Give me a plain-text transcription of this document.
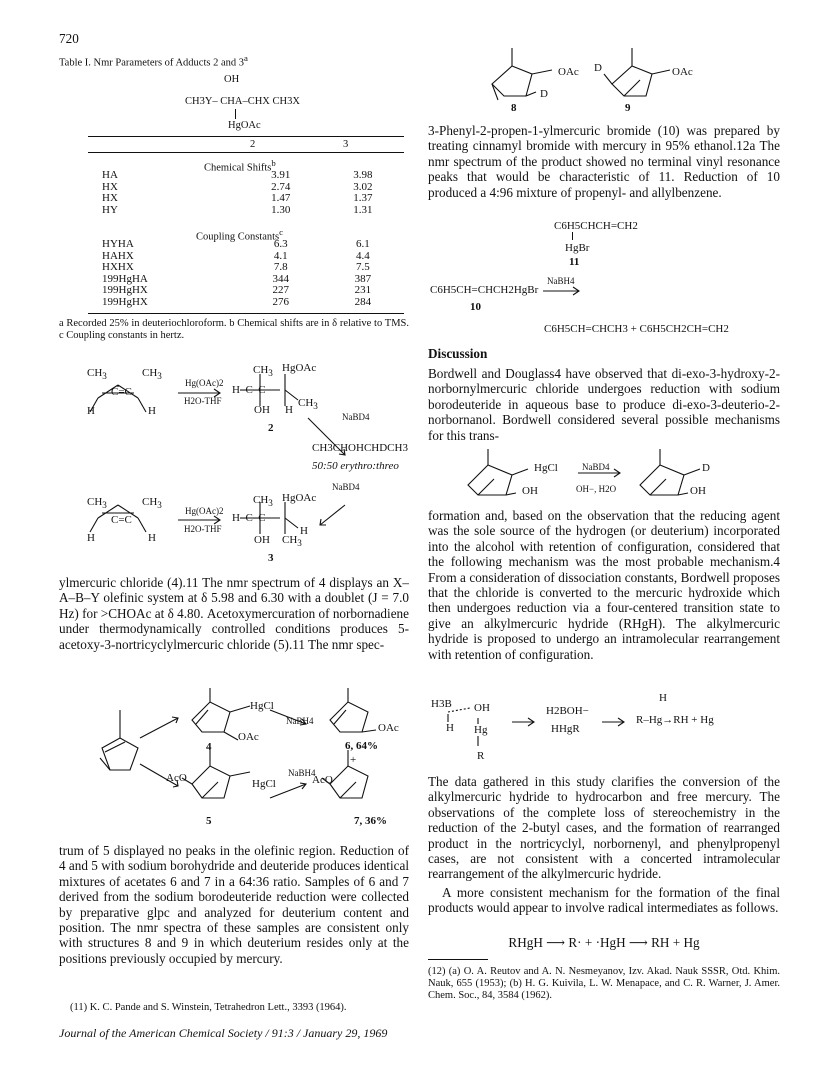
720
Table I. Nmr Parameters of Adducts 2 and 3$^a$
OH
CH3Y– CHA–CHX CH3X
HgOAc
2	3
Chemical Shifts$^b$
HA	3.91	3.98
HX	2.74	3.02
HX	1.47	1.37
HY	1.30	1.31
Coupling Constants$^c$
HYHA	6.3	6.1
HAHX	4.1	4.4
HXHX	7.8	7.5
199HgHA	344	387
199HgHX	227	231
199HgHX	276	284
a Recorded 25% in deuteriochloroform. b Chemical shifts are in δ relative to TMS. c Coupling constants in hertz.
$CH_3$	$CH_3$
C=C
H	H
Hg(OAc)2
H2O-THF
$CH_3$ HgOAc
H–C–C
$CH_3$
OH H
2
NaBD4
CH3CHOHCHDCH3
50:50 erythro:threo
NaBD4
$CH_3$	$CH_3$
C=C
H	H
Hg(OAc)2
H2O-THF
$CH_3$ HgOAc
H–C–C
H
OH $CH_3$
3
ylmercuric chloride (4).11 The nmr spectrum of 4 displays an X–A–B–Y olefinic system at δ 5.98 and 6.30 with a doublet (J = 7.0 Hz) for >CHOAc at δ 4.80. Acetoxymercuration of norbornadiene under thermodynamically controlled conditions produces 5-acetoxy-3-nortricyclylmercuric chloride (5).11 The nmr spec-
HgCl
OAc
4
NaBH4
OAc
6, 64%
+
AcO	HgCl
NaBH4
AcO
5	7, 36%
trum of 5 displayed no peaks in the olefinic region. Reduction of 4 and 5 with sodium borohydride and deuteride produces identical mixtures of acetates 6 and 7 in a 64:36 ratio. Samples of 6 and 7 derived from the sodium borodeuteride reduction were collected by preparative glpc and analyzed for deuterium content and position. The nmr spectra of these samples are consistent only with structures 8 and 9 in which deuterium resides only at the positions previously occupied by mercury.
(11) K. C. Pande and S. Winstein, Tetrahedron Lett., 3393 (1964).
OAc
D
D	OAc
8	9
3-Phenyl-2-propen-1-ylmercuric bromide (10) was prepared by treating cinnamyl bromide with mercury in 95% ethanol.12a The nmr spectrum of the product showed no terminal vinyl resonance peaks that would be characteristic of 11. Reduction of 10 produced a 4:96 mixture of propenyl- and allylbenzene.
C6H5CHCH=CH2
HgBr
11
C6H5CH=CHCH2HgBr
NaBH4
10
C6H5CH=CHCH3 + C6H5CH2CH=CH2
Discussion
Bordwell and Douglass4 have observed that di-exo-3-hydroxy-2-norbornylmercuric chloride undergoes reduction with sodium borodeuteride in aqueous base to produce di-exo-3-deuterio-2-norbornanol. Bordwell considered several possible mechanisms for this trans-
HgCl
OH
NaBD4
OH−, H2O
D
OH
formation and, based on the observation that the reducing agent was the sole source of the hydrogen (or deuterium) incorporated into the alcohol with retention of configuration, considered that the following mechanism was the most probable mechanism.4 From a consideration of dissociation constants, Bordwell proposes that the chloride is converted to the mercuric hydroxide which then undergoes reduction via a four-centered transition state to give an alkylmercuric hydride (RHgH). The alkylmercuric hydride is proposed to undergo an intramolecular rearrangement with retention of configuration.
H3B OH
H Hg
R
H2BOH−
HHgR
H
R–Hg→RH + Hg
The data gathered in this study clarifies the conversion of the alkylmercuric hydride to hydrocarbon and free mercury. The observations of the complete loss of stereochemistry in the reduction of the 2-butyl cases, and the formation of rearranged product in the nortricyclyl, norbornenyl, and phenylpropenyl cases, are not consistent with a concerted intramolecular rearrangement of the alkylmercuric hydride.
A more consistent mechanism for the formation of the final products would appear to involve radical intermediates as follows.
RHgH ⟶ R· + ·HgH ⟶ RH + Hg
(12) (a) O. A. Reutov and A. N. Nesmeyanov, Izv. Akad. Nauk SSSR, Otd. Khim. Nauk, 655 (1953); (b) H. G. Kuivila, L. W. Menapace, and C. R. Warner, J. Amer. Chem. Soc., 84, 3584 (1962).
Journal of the American Chemical Society / 91:3 / January 29, 1969
